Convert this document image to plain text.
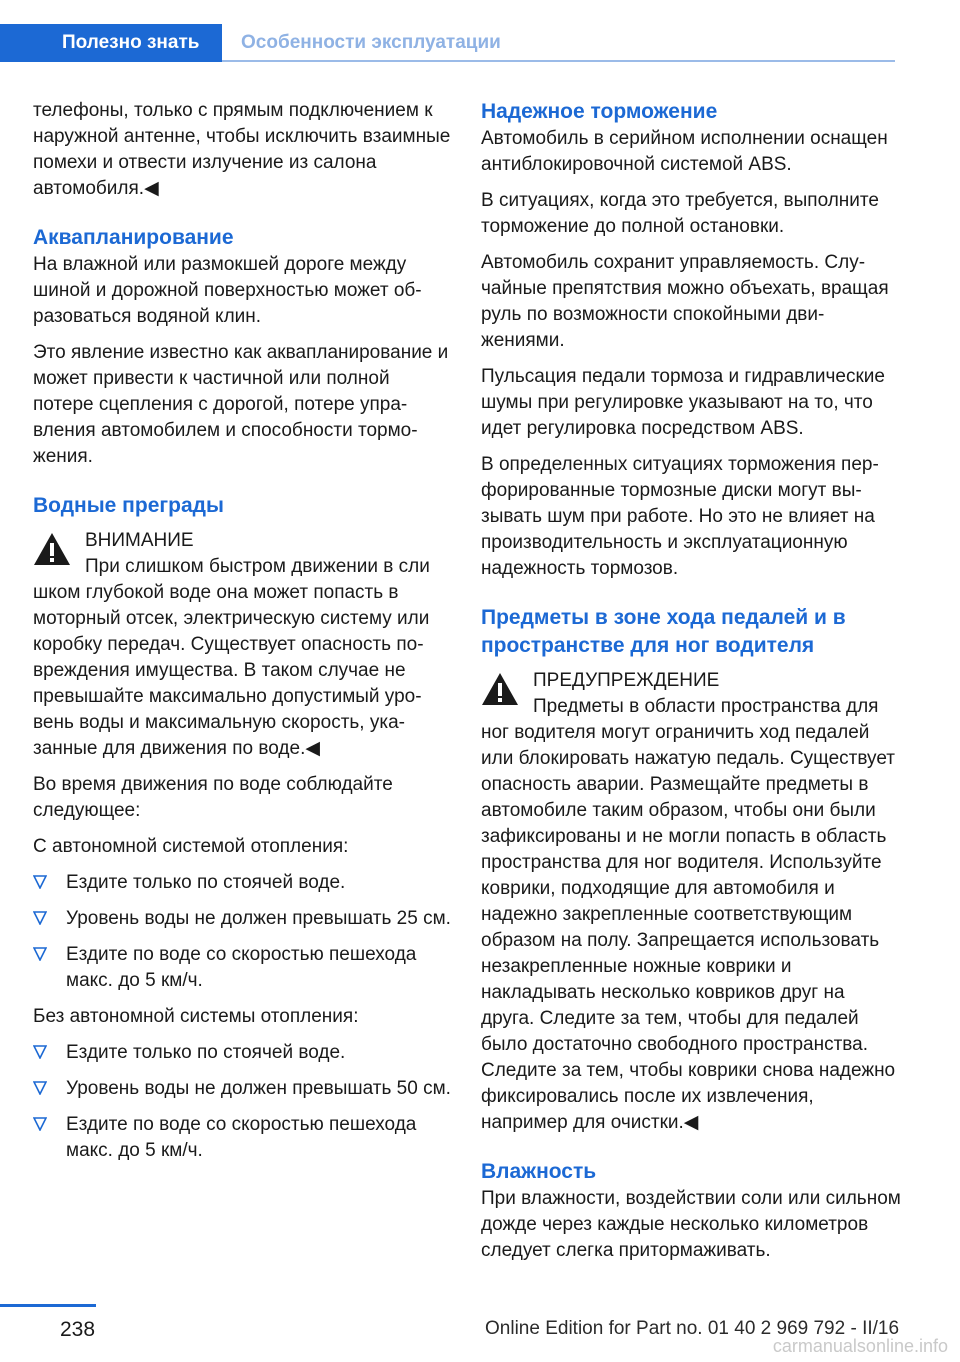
Полезно знать	Особенности эксплуатации

телефоны, только с прямым подключением к наружной антенне, чтобы исключить взаимные помехи и отвести излучение из салона автомобиля.◀

Аквапланирование

На влажной или размокшей дороге между шиной и дорожной поверхностью может образоваться водяной клин.

Это явление известно как аквапланирование и может привести к частичной или полной потере сцепления с дорогой, потере управления автомобилем и способности торможения.

Водные преграды

ВНИМАНИЕ

При слишком быстром движении в сли

шком глубокой воде она может попасть в моторный отсек, электрическую систему или коробку передач. Существует опасность повреждения имущества. В таком случае не превышайте максимально допустимый уровень воды и максимальную скорость, указанные для движения по воде.◀

Во время движения по воде соблюдайте следующее:

С автономной системой отопления:

Ездите только по стоячей воде.
Уровень воды не должен превышать 25 см.
Ездите по воде со скоростью пешехода макс. до 5 км/ч.

Без автономной системы отопления:

Ездите только по стоячей воде.
Уровень воды не должен превышать 50 см.
Ездите по воде со скоростью пешехода макс. до 5 км/ч.
Надежное торможение

Автомобиль в серийном исполнении оснащен антиблокировочной системой ABS.

В ситуациях, когда это требуется, выполните торможение до полной остановки.

Автомобиль сохранит управляемость. Случайные препятствия можно объехать, вращая руль по возможности спокойными движениями.

Пульсация педали тормоза и гидравлические шумы при регулировке указывают на то, что идет регулировка посредством ABS.

В определенных ситуациях торможения перфорированные тормозные диски могут вызывать шум при работе. Но это не влияет на производительность и эксплуатационную надежность тормозов.

Предметы в зоне хода педалей и в пространстве для ног водителя

ПРЕДУПРЕЖДЕНИЕ

Предметы в области пространства для

ног водителя могут ограничить ход педалей или блокировать нажатую педаль. Существует опасность аварии. Размещайте предметы в автомобиле таким образом, чтобы они были зафиксированы и не могли попасть в область пространства для ног водителя. Используйте коврики, подходящие для автомобиля и надежно закрепленные соответствующим образом на полу. Запрещается использовать незакрепленные ножные коврики и накладывать несколько ковриков друг на друга. Следите за тем, чтобы для педалей было достаточно свободного пространства. Следите за тем, чтобы коврики снова надежно фиксировались после их извлечения, например для очистки.◀

Влажность

При влажности, воздействии соли или сильном дожде через каждые несколько километров следует слегка притормаживать.

238	Online Edition for Part no. 01 40 2 969 792 - II/16
carmanualsonline.info
